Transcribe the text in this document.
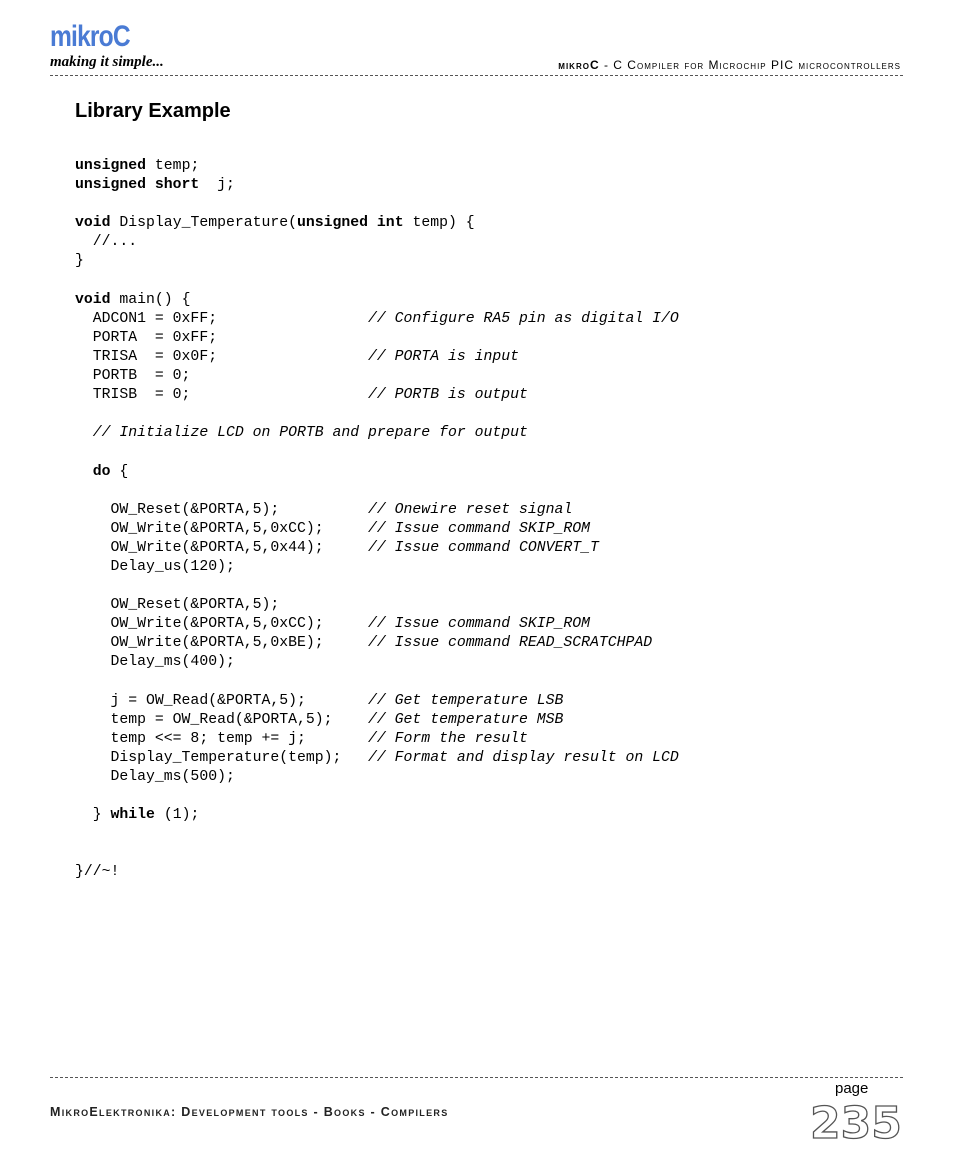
mikroC
making it simple...	mikroC - C Compiler for Microchip PIC microcontrollers
Library Example
unsigned temp;
unsigned short  j;
void Display_Temperature(unsigned int temp) {
//...
}
void main() {
ADCON1 = 0xFF;                 // Configure RA5 pin as digital I/O
PORTA  = 0xFF;
TRISA  = 0x0F;                 // PORTA is input
PORTB  = 0;
TRISB  = 0;                    // PORTB is output
// Initialize LCD on PORTB and prepare for output
do {
OW_Reset(&PORTA,5);          // Onewire reset signal
OW_Write(&PORTA,5,0xCC);     // Issue command SKIP_ROM
OW_Write(&PORTA,5,0x44);     // Issue command CONVERT_T
Delay_us(120);
OW_Reset(&PORTA,5);
OW_Write(&PORTA,5,0xCC);     // Issue command SKIP_ROM
OW_Write(&PORTA,5,0xBE);     // Issue command READ_SCRATCHPAD
Delay_ms(400);
j = OW_Read(&PORTA,5);       // Get temperature LSB
temp = OW_Read(&PORTA,5);    // Get temperature MSB
temp <<= 8; temp += j;       // Form the result
Display_Temperature(temp);   // Format and display result on LCD
Delay_ms(500);
} while (1);
}//~!
page
MikroElektronika: Development tools - Books - Compilers	235
